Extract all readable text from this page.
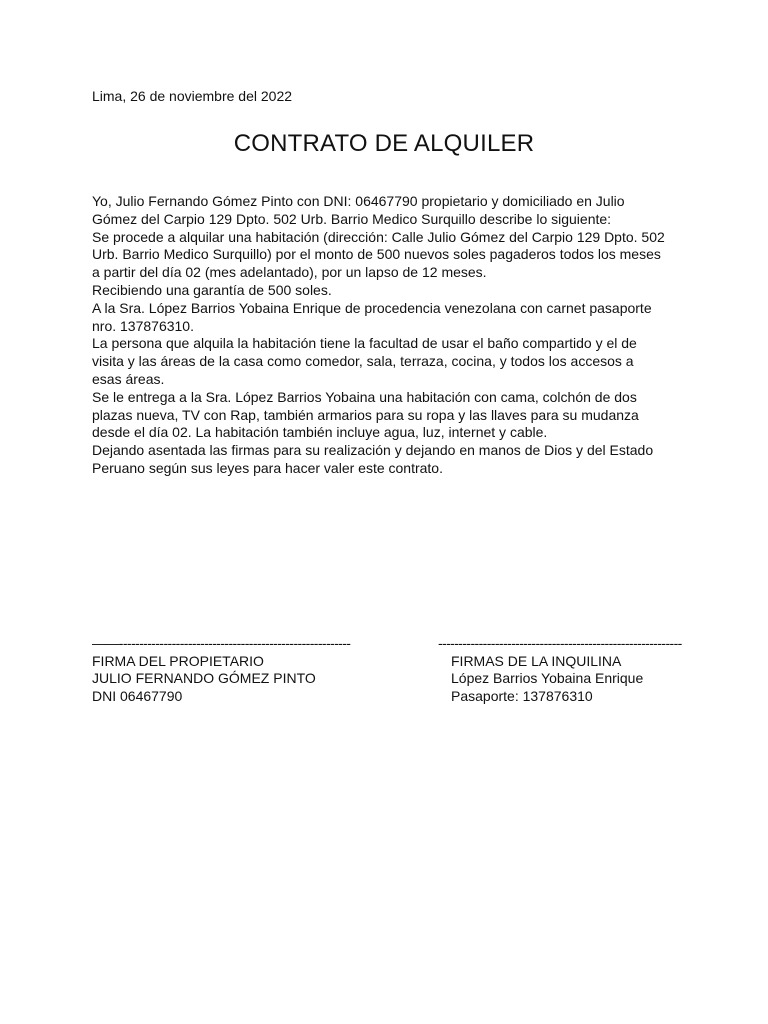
Lima, 26 de noviembre del 2022
CONTRATO DE ALQUILER
Yo, Julio Fernando Gómez Pinto con DNI: 06467790 propietario y domiciliado en Julio
Gómez del Carpio 129 Dpto. 502 Urb. Barrio Medico Surquillo describe lo siguiente:
Se procede a alquilar una habitación (dirección: Calle Julio Gómez del Carpio 129 Dpto. 502
Urb. Barrio Medico Surquillo) por el monto de 500 nuevos soles pagaderos todos los meses
a partir del día 02 (mes adelantado), por un lapso de 12 meses.
Recibiendo una garantía de 500 soles.
A la Sra. López Barrios Yobaina Enrique de procedencia venezolana con carnet pasaporte
nro. 137876310.
La persona que alquila la habitación tiene la facultad de usar el baño compartido y el de
visita y las áreas de la casa como comedor, sala, terraza, cocina, y todos los accesos a
esas áreas.
Se le entrega a la Sra. López Barrios Yobaina una habitación con cama, colchón de dos
plazas nueva, TV con Rap, también armarios para su ropa y las llaves para su mudanza
desde el día 02. La habitación también incluye agua, luz, internet y cable.
Dejando asentada las firmas para su realización y dejando en manos de Dios y del Estado
Peruano según sus leyes para hacer valer este contrato.
——---------------------------------------------------------
FIRMA DEL PROPIETARIO
JULIO FERNANDO GÓMEZ PINTO
DNI 06467790
------------------------------------------------------------
FIRMAS DE LA INQUILINA
López Barrios Yobaina Enrique
Pasaporte: 137876310
